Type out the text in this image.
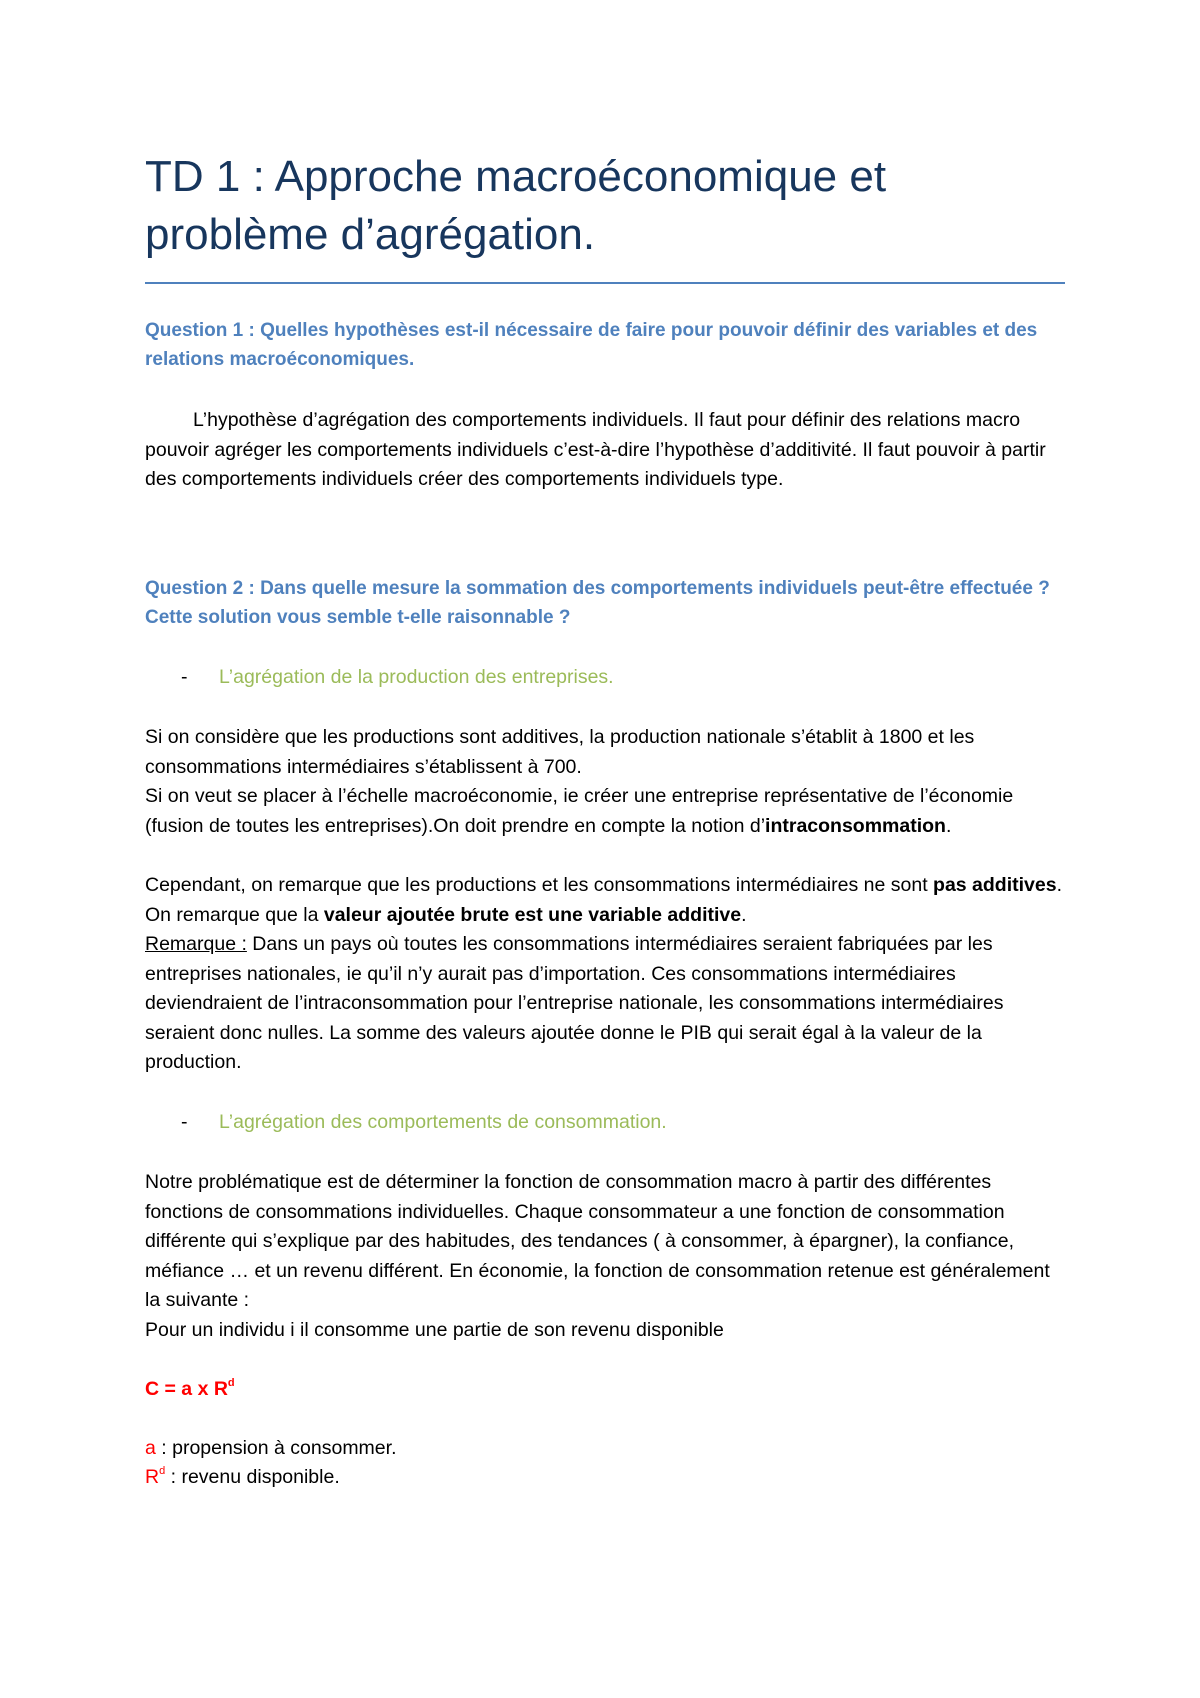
TD 1 : Approche macroéconomique et problème d’agrégation.

Question 1 : Quelles hypothèses est-il nécessaire de faire pour pouvoir définir des variables et des relations macroéconomiques.

L’hypothèse d’agrégation des comportements individuels. Il faut pour définir des relations macro pouvoir agréger les comportements individuels c’est-à-dire l’hypothèse d’additivité. Il faut pouvoir à partir des comportements individuels créer des comportements individuels type.

Question 2 : Dans quelle mesure la sommation des comportements individuels peut-être effectuée ? Cette solution vous semble t-elle raisonnable ?

- L’agrégation de la production des entreprises.

Si on considère que les productions sont additives, la production nationale s’établit à 1800 et les consommations intermédiaires s’établissent à 700.

Si on veut se placer à l’échelle macroéconomie, ie créer une entreprise représentative de l’économie (fusion de toutes les entreprises).On doit prendre en compte la notion d’intraconsommation.

Cependant, on remarque que les productions et les consommations intermédiaires ne sont pas additives. On remarque que la valeur ajoutée brute est une variable additive.

Remarque : Dans un pays où toutes les consommations intermédiaires seraient fabriquées par les entreprises nationales, ie qu’il n’y aurait pas d’importation. Ces consommations intermédiaires deviendraient de l’intraconsommation pour l’entreprise nationale, les consommations intermédiaires seraient donc nulles. La somme des valeurs ajoutée donne le PIB qui serait égal à la valeur de la production.

- L’agrégation des comportements de consommation.

Notre problématique est de déterminer la fonction de consommation macro à partir des différentes fonctions de consommations individuelles. Chaque consommateur a une fonction de consommation différente qui s’explique par des habitudes, des tendances ( à consommer, à épargner), la confiance, méfiance … et un revenu différent. En économie, la fonction de consommation retenue est généralement la suivante :

Pour un individu i il consomme une partie de son revenu disponible

C = a x $R^d$

a : propension à consommer.

$R^d$ : revenu disponible.
